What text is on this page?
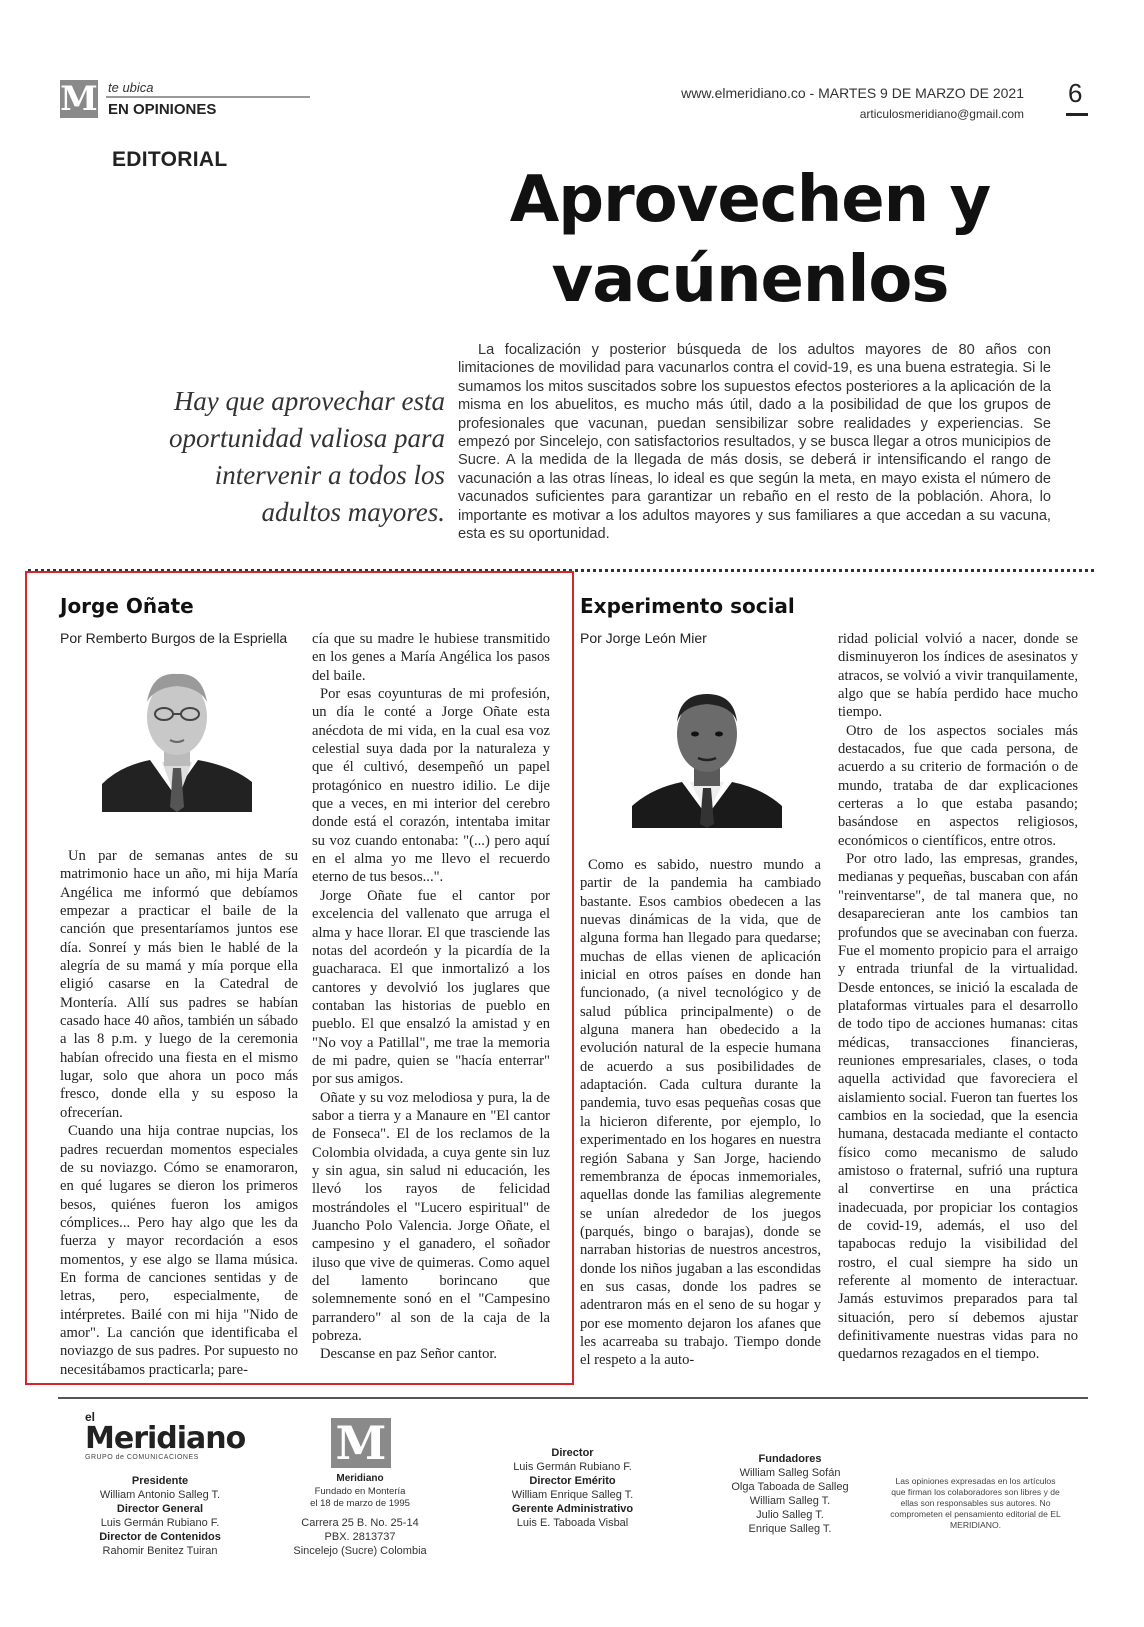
M te ubica
EN OPINIONES
www.elmeridiano.co - MARTES 9 DE MARZO DE 2021
articulosmeridiano@gmail.com
6
EDITORIAL
Aprovechen y
vacúnenlos
Hay que aprovechar esta oportunidad valiosa para intervenir a todos los adultos mayores.
La focalización y posterior búsqueda de los adultos mayores de 80 años con limitaciones de movilidad para vacunarlos contra el covid-19, es una buena estrategia. Si le sumamos los mitos suscitados sobre los supuestos efectos posteriores a la aplicación de la misma en los abuelitos, es mucho más útil, dado a la posibilidad de que los grupos de profesionales que vacunan, puedan sensibilizar sobre realidades y experiencias. Se empezó por Sincelejo, con satisfactorios resultados, y se busca llegar a otros municipios de Sucre. A la medida de la llegada de más dosis, se deberá ir intensificando el rango de vacunación a las otras líneas, lo ideal es que según la meta, en mayo exista el número de vacunados suficientes para garantizar un rebaño en el resto de la población. Ahora, lo importante es motivar a los adultos mayores y sus familiares a que accedan a su vacuna, esta es su oportunidad.
Jorge Oñate
Por Remberto Burgos de la Espriella

Un par de semanas antes de su matrimonio hace un año, mi hija María Angélica me informó que debíamos empezar a practicar el baile de la canción que presentaríamos juntos ese día. Sonreí y más bien le hablé de la alegría de su mamá y mía porque ella eligió casarse en la Catedral de Montería. Allí sus padres se habían casado hace 40 años, también un sábado a las 8 p.m. y luego de la ceremonia habían ofrecido una fiesta en el mismo lugar, solo que ahora un poco más fresco, donde ella y su esposo la ofrecerían.

Cuando una hija contrae nupcias, los padres recuerdan momentos especiales de su noviazgo. Cómo se enamoraron, en qué lugares se dieron los primeros besos, quiénes fueron los amigos cómplices... Pero hay algo que les da fuerza y mayor recordación a esos momentos, y ese algo se llama música. En forma de canciones sentidas y de letras, pero, especialmente, de intérpretes. Bailé con mi hija "Nido de amor". La canción que identificaba el noviazgo de sus padres. Por supuesto no necesitábamos practicarla; pare-

cía que su madre le hubiese transmitido en los genes a María Angélica los pasos del baile.

Por esas coyunturas de mi profesión, un día le conté a Jorge Oñate esta anécdota de mi vida, en la cual esa voz celestial suya dada por la naturaleza y que él cultivó, desempeñó un papel protagónico en nuestro idilio. Le dije que a veces, en mi interior del cerebro donde está el corazón, intentaba imitar su voz cuando entonaba: "(...) pero aquí en el alma yo me llevo el recuerdo eterno de tus besos...".

Jorge Oñate fue el cantor por excelencia del vallenato que arruga el alma y hace llorar. El que trasciende las notas del acordeón y la picardía de la guacharaca. El que inmortalizó a los cantores y devolvió los juglares que contaban las historias de pueblo en pueblo. El que ensalzó la amistad y en "No voy a Patillal", me trae la memoria de mi padre, quien se "hacía enterrar" por sus amigos.

Oñate y su voz melodiosa y pura, la de sabor a tierra y a Manaure en "El cantor de Fonseca". El de los reclamos de la Colombia olvidada, a cuya gente sin luz y sin agua, sin salud ni educación, les llevó los rayos de felicidad mostrándoles el "Lucero espiritual" de Juancho Polo Valencia. Jorge Oñate, el campesino y el ganadero, el soñador iluso que vive de quimeras. Como aquel del lamento borincano que solemnemente sonó en el "Campesino parrandero" al son de la caja de la pobreza.

Descanse en paz Señor cantor.

Experimento social
Por Jorge León Mier

Como es sabido, nuestro mundo a partir de la pandemia ha cambiado bastante. Esos cambios obedecen a las nuevas dinámicas de la vida, que de alguna forma han llegado para quedarse; muchas de ellas vienen de aplicación inicial en otros países en donde han funcionado, (a nivel tecnológico y de salud pública principalmente) o de alguna manera han obedecido a la evolución natural de la especie humana de acuerdo a sus posibilidades de adaptación. Cada cultura durante la pandemia, tuvo esas pequeñas cosas que la hicieron diferente, por ejemplo, lo experimentado en los hogares en nuestra región Sabana y San Jorge, haciendo remembranza de épocas inmemoriales, aquellas donde las familias alegremente se unían alrededor de los juegos (parqués, bingo o barajas), donde se narraban historias de nuestros ancestros, donde los niños jugaban a las escondidas en sus casas, donde los padres se adentraron más en el seno de su hogar y por ese momento dejaron los afanes que les acarreaba su trabajo. Tiempo donde el respeto a la auto-

ridad policial volvió a nacer, donde se disminuyeron los índices de asesinatos y atracos, se volvió a vivir tranquilamente, algo que se había perdido hace mucho tiempo.

Otro de los aspectos sociales más destacados, fue que cada persona, de acuerdo a su criterio de formación o de mundo, trataba de dar explicaciones certeras a lo que estaba pasando; basándose en aspectos religiosos, económicos o científicos, entre otros.

Por otro lado, las empresas, grandes, medianas y pequeñas, buscaban con afán "reinventarse", de tal manera que, no desaparecieran ante los cambios tan profundos que se avecinaban con fuerza. Fue el momento propicio para el arraigo y entrada triunfal de la virtualidad. Desde entonces, se inició la escalada de plataformas virtuales para el desarrollo de todo tipo de acciones humanas: citas médicas, transacciones financieras, reuniones empresariales, clases, o toda aquella actividad que favoreciera el aislamiento social. Fueron tan fuertes los cambios en la sociedad, que la esencia humana, destacada mediante el contacto físico como mecanismo de saludo amistoso o fraternal, sufrió una ruptura al convertirse en una práctica inadecuada, por propiciar los contagios de covid-19, además, el uso del tapabocas redujo la visibilidad del rostro, el cual siempre ha sido un referente al momento de interactuar. Jamás estuvimos preparados para tal situación, pero sí debemos ajustar definitivamente nuestras vidas para no quedarnos rezagados en el tiempo.

el
Meridiano
GRUPO de COMUNICACIONES
Presidente
William Antonio Salleg T.
Director General
Luis Germán Rubiano F.
Director de Contenidos
Rahomir Benitez Tuiran
M
Meridiano
Fundado en Montería
el 18 de marzo de 1995
Carrera 25 B. No. 25-14
PBX. 2813737
Sincelejo (Sucre) Colombia
Director
Luis Germán Rubiano F.
Director Emérito
William Enrique Salleg T.
Gerente Administrativo
Luis E. Taboada Visbal
Fundadores
William Salleg Sofán
Olga Taboada de Salleg
William Salleg T.
Julio Salleg T.
Enrique Salleg T.
Las opiniones expresadas en los artículos que firman los colaboradores son libres y de ellas son responsables sus autores. No comprometen el pensamiento editorial de EL MERIDIANO.
